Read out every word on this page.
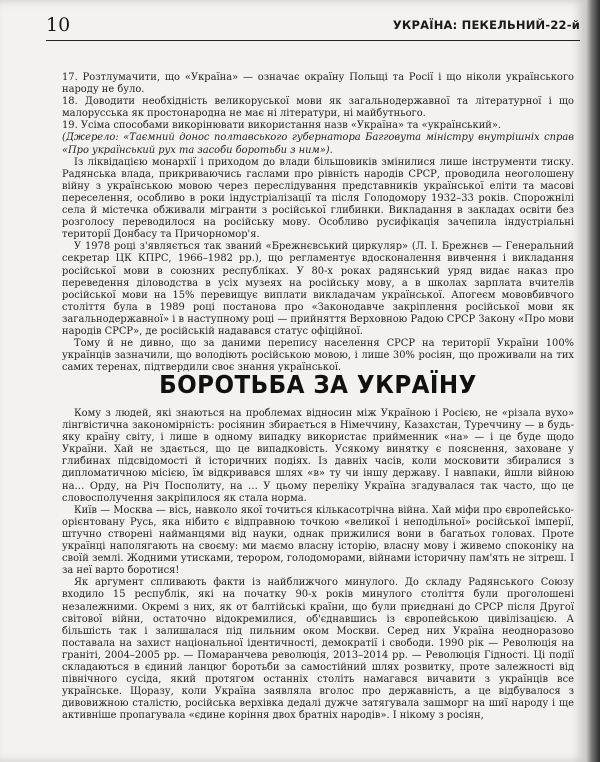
10	УКРАЇНА: ПЕКЕЛЬНИЙ-22-й

17. Розтлумачити, що «Україна» — означає окраїну Польщі та Росії і що ніколи українського народу не було.

18. Доводити необхідність великоруської мови як загальнодержавної та літературної і що малорусська як простонародна не має ні літератури, ні майбутнього.

19. Усіма способами викорінювати використання назв «Україна» та «український».

(Джерело: «Таємний донос полтавського губернатора Багговута міністру внутрішніх справ «Про український рух та засоби боротьби з ним»).

Із ліквідацією монархії і приходом до влади більшовиків змінилися лише інструменти тиску. Радянська влада, прикриваючись гаслами про рівність народів СРСР, проводила неоголошену війну з українською мовою через переслідування представників української еліти та масові переселення, особливо в роки індустріалізації та після Голодомору 1932–33 років. Спорожнілі села й містечка обживали мігранти з російської глибинки. Викладання в закладах освіти без розголосу переводилося на російську мову. Особливо русифікація зачепила індустріальні території Донбасу та Причорномор'я.

У 1978 році з'являється так званий «Брежнєвський циркуляр» (Л. І. Брежнєв — Генеральний секретар ЦК КПРС, 1966–1982 рр.), що регламентує вдосконалення вивчення і викладання російської мови в союзних республіках. У 80-х роках радянський уряд видає наказ про переведення діловодства в усіх музеях на російську мову, а в школах зарплата вчителів російської мови на 15% перевищує виплати викладачам української. Апогеєм мововбивчого століття була в 1989 році постанова про «Законодавче закріплення російської мови як загальнодержавної» і в наступному році — прийняття Верховною Радою СРСР Закону «Про мови народів СРСР», де російській надавався статус офіційної.

Тому й не дивно, що за даними перепису населення СРСР на території України 100% українців зазначили, що володіють російською мовою, і лише 30% росіян, що проживали на тих самих теренах, підтвердили своє знання української.

БОРОТЬБА ЗА УКРАЇНУ

Кому з людей, які знаються на проблемах відносин між Україною і Росією, не «різала вухо» лінгвістична закономірність: росіянин збирається в Німеччину, Казахстан, Туреччину — в будь-яку країну світу, і лише в одному випадку використає прийменник «на» — і це буде щодо України. Хай не здається, що це випадковість. Усякому винятку є пояснення, заховане у глибинах підсвідомості й історичних подіях. Із давніх часів, коли московити збиралися з дипломатичною місією, їм відкривався шлях «в» ту чи іншу державу. І навпаки, йшли війною на… Орду, на Річ Посполиту, на … У цьому переліку Україна згадувалася так часто, що це словосполучення закріпилося як стала норма.

Київ — Москва — вісь, навколо якої точиться кількасотрічна війна. Хай міфи про європейсько-орієнтовану Русь, яка нібито є відправною точкою «великої і неподільної» російської імперії, штучно створені найманцями від науки, однак прижилися вони в багатьох головах. Проте українці наполягають на своєму: ми маємо власну історію, власну мову і живемо споконіку на своїй землі. Жодними утисками, терором, голодоморами, війнами історичну пам'ять не зітреш. І за неї варто боротися!

Як аргумент спливають факти із найближчого минулого. До складу Радянського Союзу входило 15 республік, які на початку 90-х років минулого століття були проголошені незалежними. Окремі з них, як от балтійські країни, що були приєднані до СРСР після Другої світової війни, остаточно відокремилися, об'єднавшись із європейською цивілізацією. А більшість так і залишалася під пильним оком Москви. Серед них Україна неодноразово поставала на захист національної ідентичності, демократії і свободи. 1990 рік — Революція на граніті, 2004–2005 рр. — Помаранчева революція, 2013–2014 рр. — Революція Гідності. Ці події складаються в єдиний ланцюг боротьби за самостійний шлях розвитку, проте залежності від північного сусіда, який протягом останніх століть намагався вичавити з українців все українське. Щоразу, коли Україна заявляла вголос про державність, а це відбувалося з дивовижною сталістю, російська верхівка дедалі дужче затягувала зашморг на шиї народу і ще активніше пропагувала «єдине коріння двох братніх народів». І нікому з росіян,
